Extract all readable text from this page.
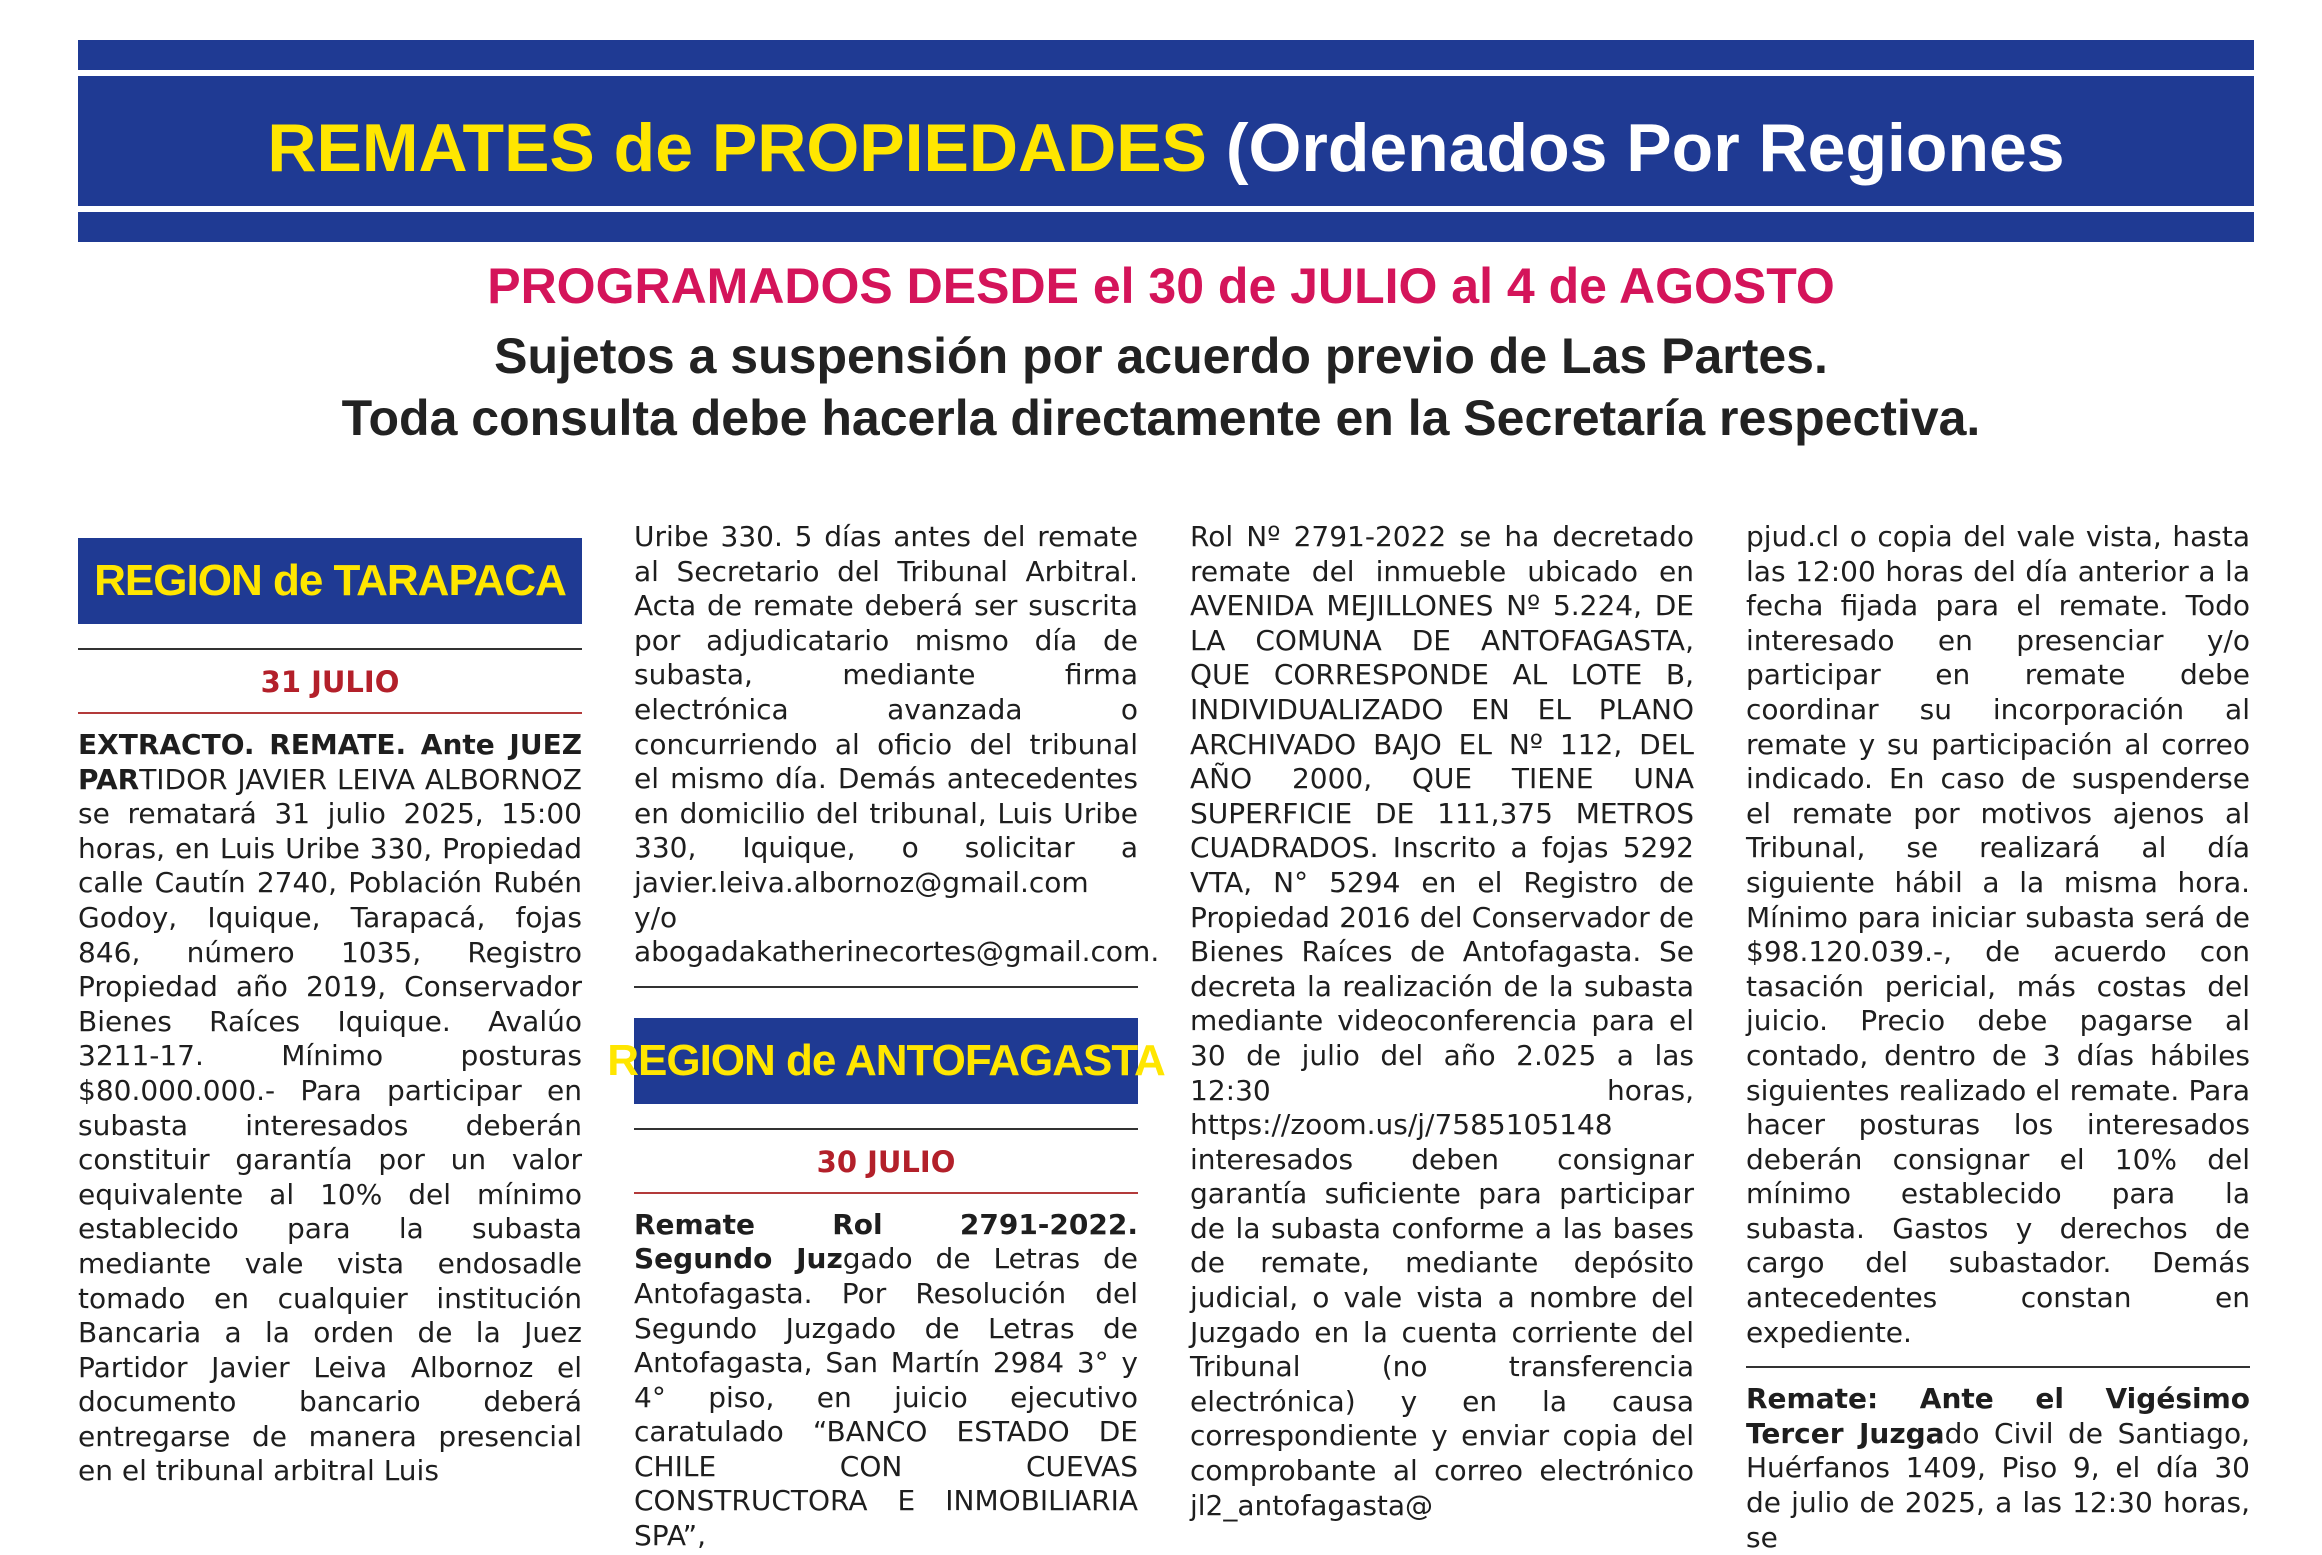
REMATES de PROPIEDADES (Ordenados Por Regiones
PROGRAMADOS DESDE el 30 de JULIO al 4 de AGOSTO
Sujetos a suspensión por acuerdo previo de Las Partes.
Toda consulta debe hacerla directamente en la Secretaría respectiva.
REGION de TARAPACA
31 JULIO

EXTRACTO. REMATE. Ante JUEZ PARTIDOR JAVIER LEIVA ALBORNOZ se rematará 31 julio 2025, 15:00 horas, en Luis Uribe 330, Propiedad calle Cautín 2740, Población Rubén Godoy, Iquique, Tarapacá, fojas 846, número 1035, Registro Propiedad año 2019, Conservador Bienes Raíces Iquique. Avalúo 3211-17. Mínimo posturas $80.000.000.- Para participar en subasta interesados deberán constituir garantía por un valor equivalente al 10% del mínimo establecido para la subasta mediante vale vista endosadle tomado en cualquier institución Bancaria a la orden de la Juez Partidor Javier Leiva Albornoz el documento bancario deberá entregarse de manera presencial en el tribunal arbitral Luis

Uribe 330. 5 días antes del remate al Secretario del Tribunal Arbitral. Acta de remate deberá ser suscrita por adjudicatario mismo día de subasta, mediante firma electrónica avanzada o concurriendo al oficio del tribunal el mismo día. Demás antecedentes en domicilio del tribunal, Luis Uribe 330, Iquique, o solicitar a javier.leiva.albornoz@gmail.com y/o abogadakatherinecortes@gmail.com.

REGION de ANTOFAGASTA
30 JULIO

Remate Rol 2791-2022. Segundo Juzgado de Letras de Antofagasta. Por Resolución del Segundo Juzgado de Letras de Antofagasta, San Martín 2984 3° y 4° piso, en juicio ejecutivo caratulado “BANCO ESTADO DE CHILE CON CUEVAS CONSTRUCTORA E INMOBILIARIA SPA”,

Rol Nº 2791-2022 se ha decretado remate del inmueble ubicado en AVENIDA MEJILLONES Nº 5.224, DE LA COMUNA DE ANTOFAGASTA, QUE CORRESPONDE AL LOTE B, INDIVIDUALIZADO EN EL PLANO ARCHIVADO BAJO EL Nº 112, DEL AÑO 2000, QUE TIENE UNA SUPERFICIE DE 111,375 METROS CUADRADOS. Inscrito a fojas 5292 VTA, N° 5294 en el Registro de Propiedad 2016 del Conservador de Bienes Raíces de Antofagasta. Se decreta la realización de la subasta mediante videoconferencia para el 30 de julio del año 2.025 a las 12:30 horas, https://zoom.us/j/7585105148 interesados deben consignar garantía suficiente para participar de la subasta conforme a las bases de remate, mediante depósito judicial, o vale vista a nombre del Juzgado en la cuenta corriente del Tribunal (no transferencia electrónica) y en la causa correspondiente y enviar copia del comprobante al correo electrónico jl2_antofagasta@

pjud.cl o copia del vale vista, hasta las 12:00 horas del día anterior a la fecha fijada para el remate. Todo interesado en presenciar y/o participar en remate debe coordinar su incorporación al remate y su participación al correo indicado. En caso de suspenderse el remate por motivos ajenos al Tribunal, se realizará al día siguiente hábil a la misma hora. Mínimo para iniciar subasta será de $98.120.039.-, de acuerdo con tasación pericial, más costas del juicio. Precio debe pagarse al contado, dentro de 3 días hábiles siguientes realizado el remate. Para hacer posturas los interesados deberán consignar el 10% del mínimo establecido para la subasta. Gastos y derechos de cargo del subastador. Demás antecedentes constan en expediente.

Remate: Ante el Vigésimo Tercer Juzgado Civil de Santiago, Huérfanos 1409, Piso 9, el día 30 de julio de 2025, a las 12:30 horas, se
